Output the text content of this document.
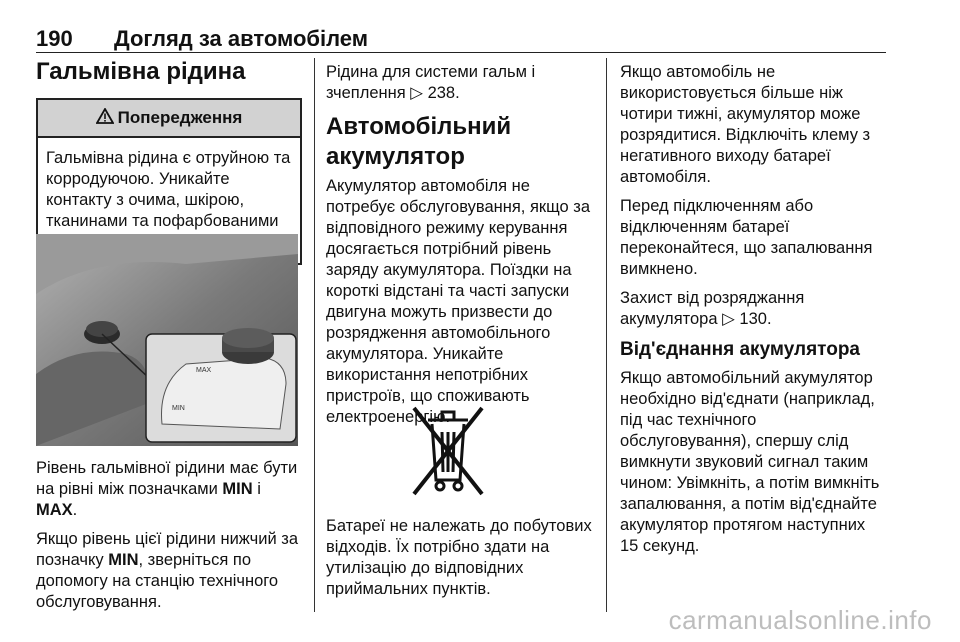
190	Догляд за автомобілем
Гальмівна рідина
Попередження
Гальмівна рідина є отруйною та корродуючою. Уникайте контакту з очима, шкірою, тканинами та пофарбованими
MAX
MIN

Рівень гальмівної рідини має бути на рівні між позначками MIN і MAX.

Якщо рівень цієї рідини нижчий за позначку MIN, зверніться по допомогу на станцію технічного обслуговування.

Рідина для системи гальм і зчеплення ▷ 238.

Автомобільний акумулятор

Акумулятор автомобіля не потребує обслуговування, якщо за відповідного режиму керування досягається потрібний рівень заряду акумулятора. Поїздки на короткі відстані та часті запуски двигуна можуть призвести до розрядження автомобільного акумулятора. Уникайте використання непотрібних пристроїв, що споживають електроенергію.

Батареї не належать до побутових відходів. Їх потрібно здати на утилізацію до відповідних приймальних пунктів.

Якщо автомобіль не використовується більше ніж чотири тижні, акумулятор може розрядитися. Відключіть клему з негативного виходу батареї автомобіля.

Перед підключенням або відключенням батареї переконайтеся, що запалювання вимкнено.

Захист від розряджання акумулятора ▷ 130.

Від'єднання акумулятора

Якщо автомобільний акумулятор необхідно від'єднати (наприклад, під час технічного обслуговування), спершу слід вимкнути звуковий сигнал таким чином: Увімкніть, а потім вимкніть запалювання, а потім від'єднайте акумулятор протягом наступних 15 секунд.

carmanualsonline.info
